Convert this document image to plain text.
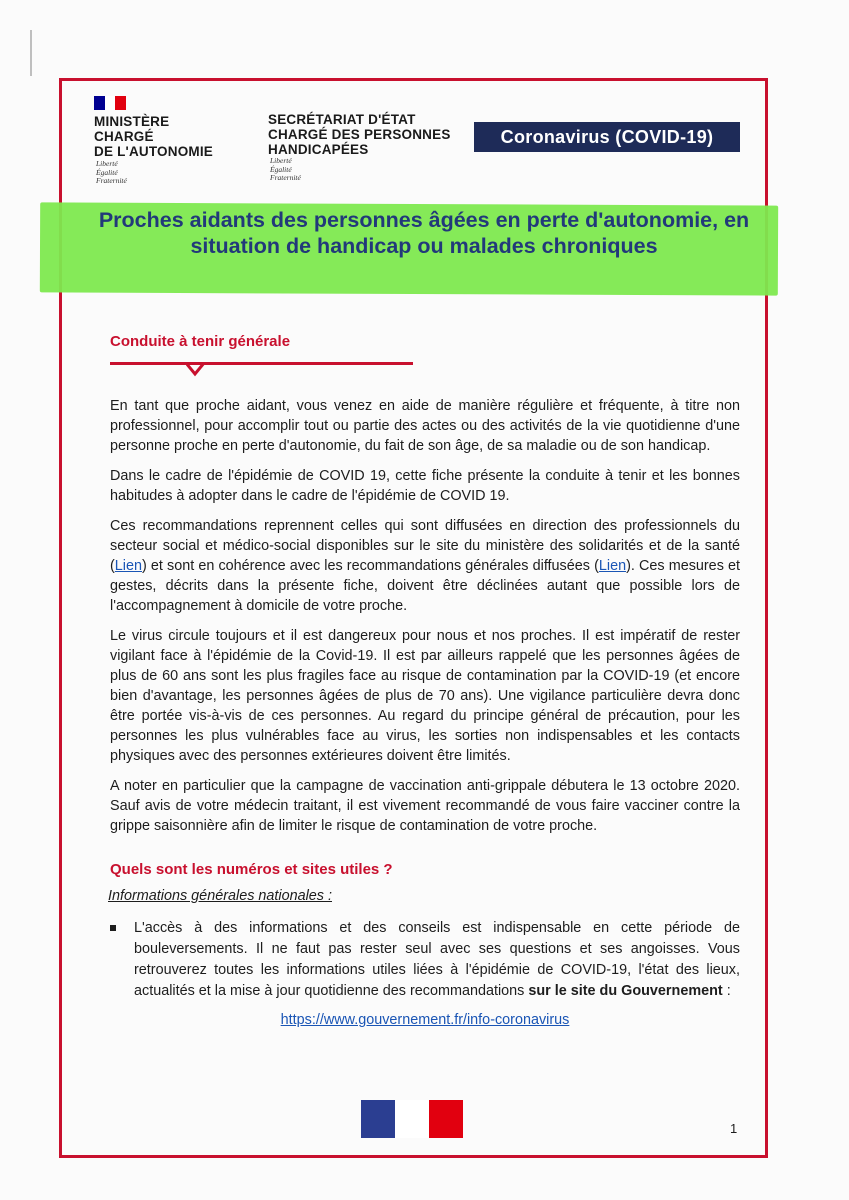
MINISTÈRE
CHARGÉ
DE L'AUTONOMIE
Liberté
Égalité
Fraternité
SECRÉTARIAT D'ÉTAT
CHARGÉ DES PERSONNES
HANDICAPÉES
Liberté
Égalité
Fraternité
Coronavirus (COVID-19)
Proches aidants des personnes âgées en perte d'autonomie, en situation de handicap ou malades chroniques
Conduite à tenir générale

En tant que proche aidant, vous venez en aide de manière régulière et fréquente, à titre non professionnel, pour accomplir tout ou partie des actes ou des activités de la vie quotidienne d'une personne proche en perte d'autonomie, du fait de son âge, de sa maladie ou de son handicap.

Dans le cadre de l'épidémie de COVID 19, cette fiche présente la conduite à tenir et les bonnes habitudes à adopter dans le cadre de l'épidémie de COVID 19.

Ces recommandations reprennent celles qui sont diffusées en direction des professionnels du secteur social et médico-social disponibles sur le site du ministère des solidarités et de la santé (Lien) et sont en cohérence avec les recommandations générales diffusées (Lien). Ces mesures et gestes, décrits dans la présente fiche, doivent être déclinées autant que possible lors de l'accompagnement à domicile de votre proche.

Le virus circule toujours et il est dangereux pour nous et nos proches. Il est impératif de rester vigilant face à l'épidémie de la Covid-19. Il est par ailleurs rappelé que les personnes âgées de plus de 60 ans sont les plus fragiles face au risque de contamination par la COVID-19 (et encore bien d'avantage, les personnes âgées de plus de 70 ans). Une vigilance particulière devra donc être portée vis-à-vis de ces personnes. Au regard du principe général de précaution, pour les personnes les plus vulnérables face au virus, les sorties non indispensables et les contacts physiques avec des personnes extérieures doivent être limités.

A noter en particulier que la campagne de vaccination anti-grippale débutera le 13 octobre 2020. Sauf avis de votre médecin traitant, il est vivement recommandé de vous faire vacciner contre la grippe saisonnière afin de limiter le risque de contamination de votre proche.

Quels sont les numéros et sites utiles ?
Informations générales nationales :
L'accès à des informations et des conseils est indispensable en cette période de bouleversements. Il ne faut pas rester seul avec ses questions et ses angoisses. Vous retrouverez toutes les informations utiles liées à l'épidémie de COVID-19, l'état des lieux, actualités et la mise à jour quotidienne des recommandations sur le site du Gouvernement :
https://www.gouvernement.fr/info-coronavirus
1
